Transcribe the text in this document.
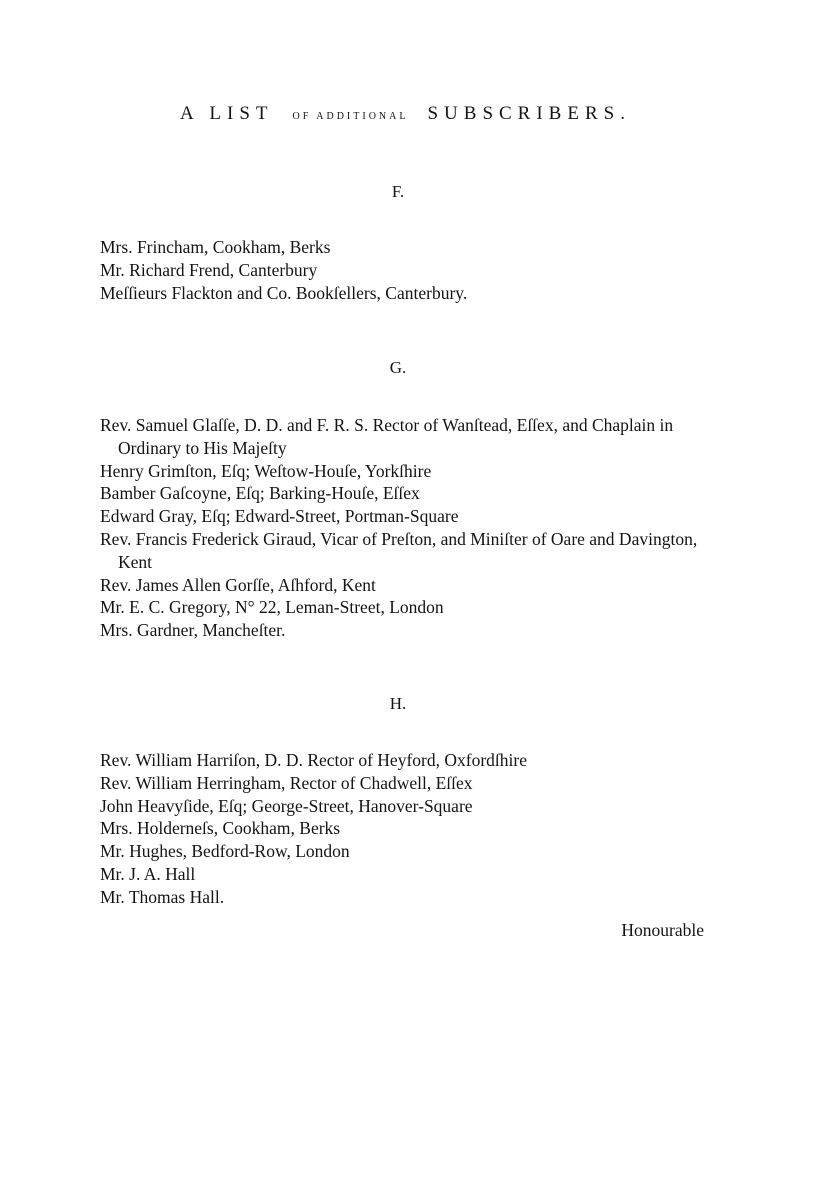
A LIST OF ADDITIONAL SUBSCRIBERS.
F.
Mrs. Frincham, Cookham, Berks
Mr. Richard Frend, Canterbury
Meſſieurs Flackton and Co. Bookſellers, Canterbury.
G.
Rev. Samuel Glaſſe, D. D. and F. R. S. Rector of Wanſtead, Eſſex, and Chaplain in Ordinary to His Majeſty
Henry Grimſton, Eſq; Weſtow-Houſe, Yorkſhire
Bamber Gaſcoyne, Eſq; Barking-Houſe, Eſſex
Edward Gray, Eſq; Edward-Street, Portman-Square
Rev. Francis Frederick Giraud, Vicar of Preſton, and Miniſter of Oare and Davington, Kent
Rev. James Allen Gorſſe, Aſhford, Kent
Mr. E. C. Gregory, N° 22, Leman-Street, London
Mrs. Gardner, Mancheſter.
H.
Rev. William Harriſon, D. D. Rector of Heyford, Oxfordſhire
Rev. William Herringham, Rector of Chadwell, Eſſex
John Heavyſide, Eſq; George-Street, Hanover-Square
Mrs. Holderneſs, Cookham, Berks
Mr. Hughes, Bedford-Row, London
Mr. J. A. Hall
Mr. Thomas Hall.
Honourable
